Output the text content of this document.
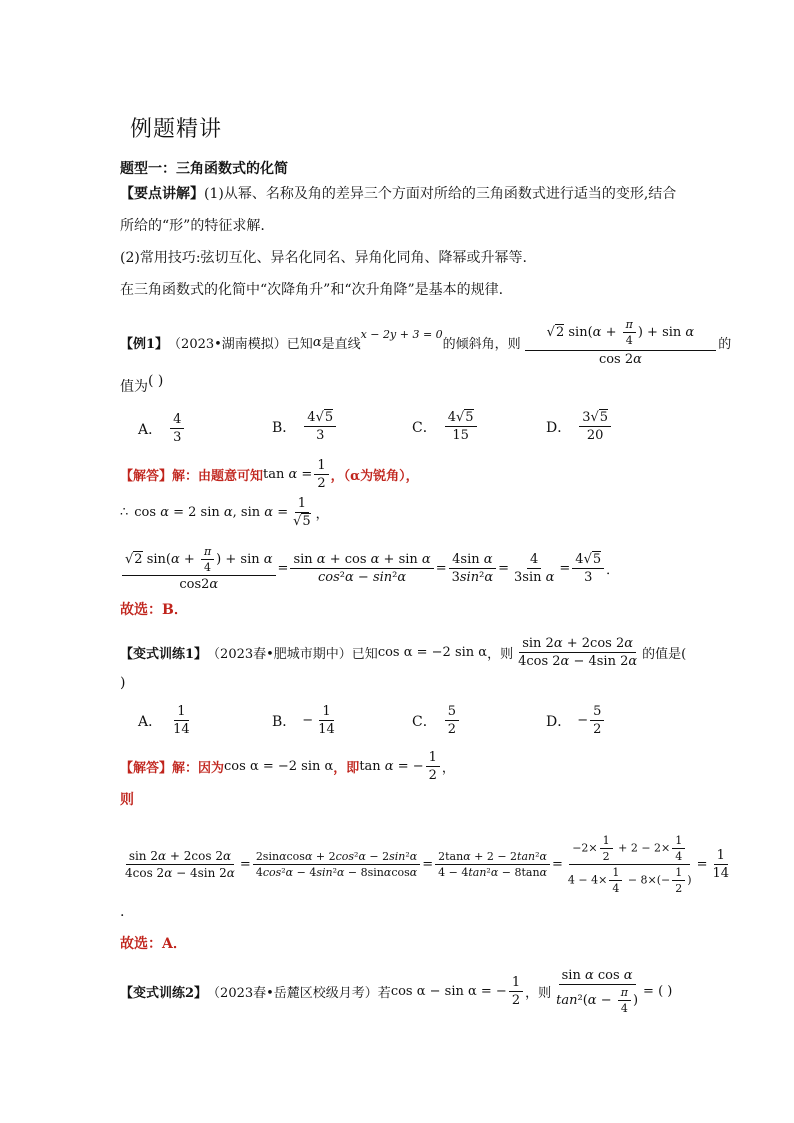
例题精讲
题型一：三角函数式的化简
【要点讲解】(1)从幂、名称及角的差异三个方面对所给的三角函数式进行适当的变形,结合
所给的“形”的特征求解.
(2)常用技巧:弦切互化、异名化同名、异角化同角、降幂或升幂等.
在三角函数式的化简中“次降角升”和“次升角降”是基本的规律.
【例1】 （2023•湖南模拟）已知 α 是直线
x − 2y + 3 = 0
的倾斜角，则 $\frac{√2 \sin(\alpha + \frac{\pi}{4} ) + \sin \alpha}{\cos 2\alpha}$ 的
值为( )
A． $\frac{4}{3}$	B． $\frac{4√5}{3}$	C． $\frac{4√5}{15}$	D． $\frac{3√5}{20}$
【解答】 解：由题意可知 $\tan \alpha = \frac{1}{2}$ ，（α为锐角），
∴ cos α = 2 sin α, $\sin \alpha = \frac{1}{√5}$ ，
$\frac{√2 \sin(\alpha + \frac{\pi}{4} ) + \sin \alpha}{\cos 2\alpha} = \frac{\text{sin α + cos α + sin α}}{\text{cos²α − sin²α}} = \frac{\text{4sin α}}{\text{3sin²α}} = \frac{4}{\text{3sin α}} = \frac{4√5}{3}$ ．
故选：B．
【变式训练1】 （2023春•肥城市期中）已知 cos α = −2 sin α ，则 $\frac{\sin 2\alpha + 2\cos 2\alpha}{4\cos 2\alpha - 4\sin 2\alpha}$ 的值是(
)
A． $\frac{1}{14}$	B． − $\frac{1}{14}$	C． $\frac{5}{2}$	D． − $\frac{5}{2}$
【解答】 解：因为 cos α = −2 sin α ，即 tan α = − $\frac{1}{2}$ ，
则
$\frac{\sin 2\alpha + 2\cos 2\alpha}{4\cos 2\alpha - 4\sin 2\alpha} = \frac{\text{2sinαcosα + 2cos²α − 2sin²α}}{\text{4cos²α − 4sin²α − 8sinαcosα}} = \frac{\text{2tanα + 2 − 2tan²α}}{\text{4 − 4tan²α − 8tanα}} = \frac{-2\times \frac{1}{2} + 2 - 2\times \frac{1}{4}}{4 - 4\times \frac{1}{4} - 8\times(- \frac{1}{2} )} = \frac{1}{14}$
.
故选：A．
【变式训练2】 （2023春•岳麓区校级月考）若 cos α − sin α = − $\frac{1}{2}$ ，则 $\frac{\text{sin α cos α}}{\tan^2(\alpha - \frac{\pi}{4} )}$ = ( )
